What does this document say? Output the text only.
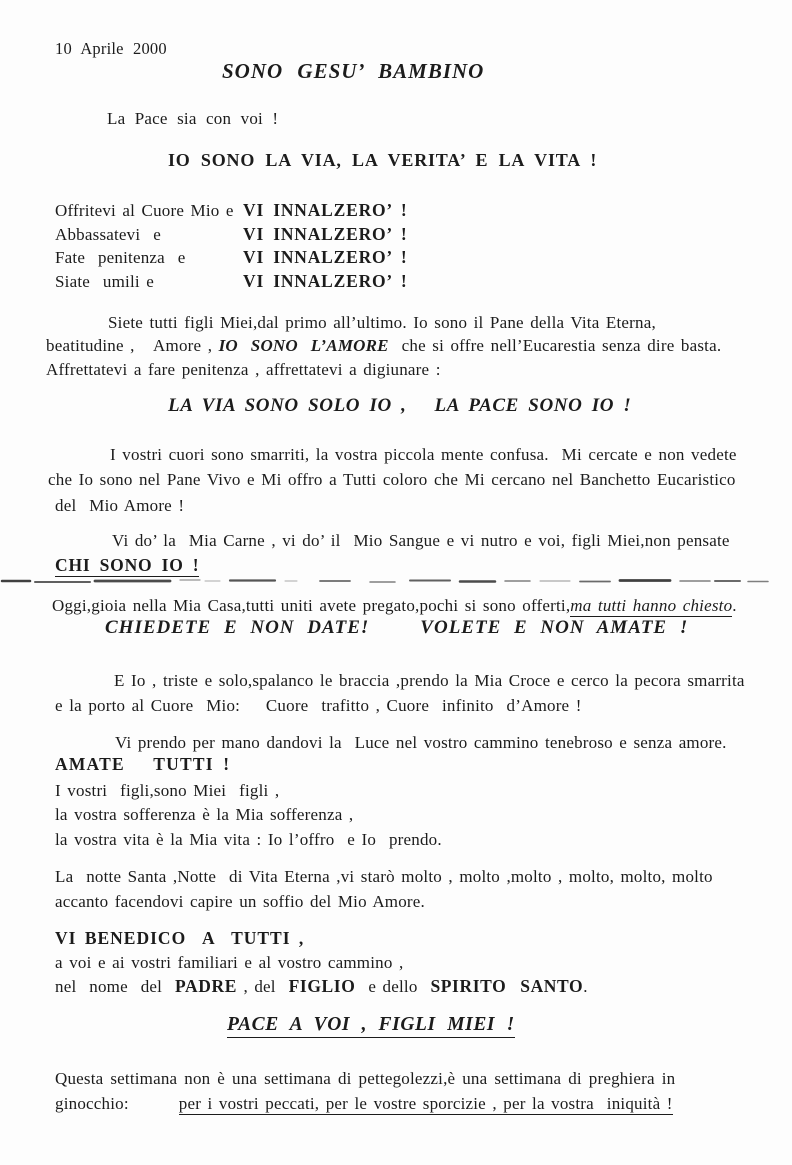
10 Aprile 2000
SONO GESU’ BAMBINO
La Pace sia con voi !
IO SONO LA VIA, LA VERITA’ E LA VITA !
Offritevi al Cuore Mio e VI INNALZERO’ !
Abbassatevi  e	VI INNALZERO’ !
Fate  penitenza  e	VI INNALZERO’ !
Siate  umili e	VI INNALZERO’ !
Siete tutti figli Miei,dal primo all’ultimo. Io sono il Pane della Vita Eterna,
beatitudine ,   Amore , IO  SONO  L’AMORE  che si offre nell’Eucarestia senza dire basta.
Affrettatevi a fare penitenza , affrettatevi a digiunare :
LA VIA SONO SOLO IO ,   LA PACE SONO IO !
I vostri cuori sono smarriti, la vostra piccola mente confusa.  Mi cercate e non vedete
che Io sono nel Pane Vivo e Mi offro a Tutti coloro che Mi cercano nel Banchetto Eucaristico
del  Mio Amore !
Vi do’ la  Mia Carne , vi do’ il  Mio Sangue e vi nutro e voi, figli Miei,non pensate
CHI SONO IO !
Oggi,gioia nella Mia Casa,tutti uniti avete pregato,pochi si sono offerti,ma tutti hanno chiesto.
CHIEDETE E NON DATE!    VOLETE E NON AMATE !
E Io , triste e solo,spalanco le braccia ,prendo la Mia Croce e cerco la pecora smarrita
e la porto al Cuore  Mio:    Cuore  trafitto , Cuore  infinito  d’Amore !
Vi prendo per mano dandovi la  Luce nel vostro cammino tenebroso e senza amore.
AMATE   TUTTI !
I vostri  figli,sono Miei  figli ,
la vostra sofferenza è la Mia sofferenza ,
la vostra vita è la Mia vita : Io l’offro  e Io  prendo.
La  notte Santa ,Notte  di Vita Eterna ,vi starò molto , molto ,molto , molto, molto, molto
accanto facendovi capire un soffio del Mio Amore.
VI BENEDICO  A  TUTTI ,
a voi e ai vostri familiari e al vostro cammino ,
nel  nome  del  PADRE , del  FIGLIO  e dello  SPIRITO  SANTO.
PACE A VOI , FIGLI MIEI !
Questa settimana non è una settimana di pettegolezzi,è una settimana di preghiera in
ginocchio:	per i vostri peccati, per le vostre sporcizie , per la vostra  iniquità !
